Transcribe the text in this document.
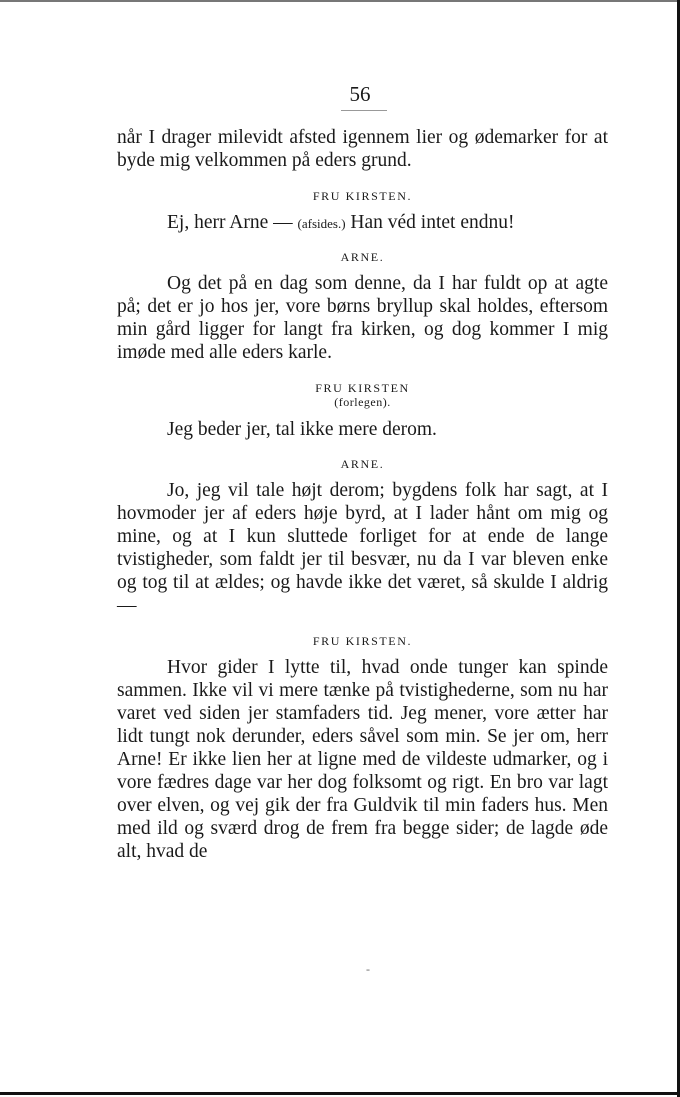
56

når I drager milevidt afsted igennem lier og ødemarker for at byde mig velkommen på eders grund.

FRU KIRSTEN.

Ej, herr Arne — (afsides.) Han véd intet endnu!

ARNE.

Og det på en dag som denne, da I har fuldt op at agte på; det er jo hos jer, vore børns bryllup skal holdes, eftersom min gård ligger for langt fra kirken, og dog kommer I mig imøde med alle eders karle.

FRU KIRSTEN

(forlegen).

Jeg beder jer, tal ikke mere derom.

ARNE.

Jo, jeg vil tale højt derom; bygdens folk har sagt, at I hovmoder jer af eders høje byrd, at I lader hånt om mig og mine, og at I kun sluttede forliget for at ende de lange tvistigheder, som faldt jer til besvær, nu da I var bleven enke og tog til at ældes; og havde ikke det været, så skulde I aldrig —

FRU KIRSTEN.

Hvor gider I lytte til, hvad onde tunger kan spinde sammen. Ikke vil vi mere tænke på tvistighederne, som nu har varet ved siden jer stamfaders tid. Jeg mener, vore ætter har lidt tungt nok derunder, eders såvel som min. Se jer om, herr Arne! Er ikke lien her at ligne med de vildeste udmarker, og i vore fædres dage var her dog folksomt og rigt. En bro var lagt over elven, og vej gik der fra Guldvik til min faders hus. Men med ild og sværd drog de frem fra begge sider; de lagde øde alt, hvad de

-
